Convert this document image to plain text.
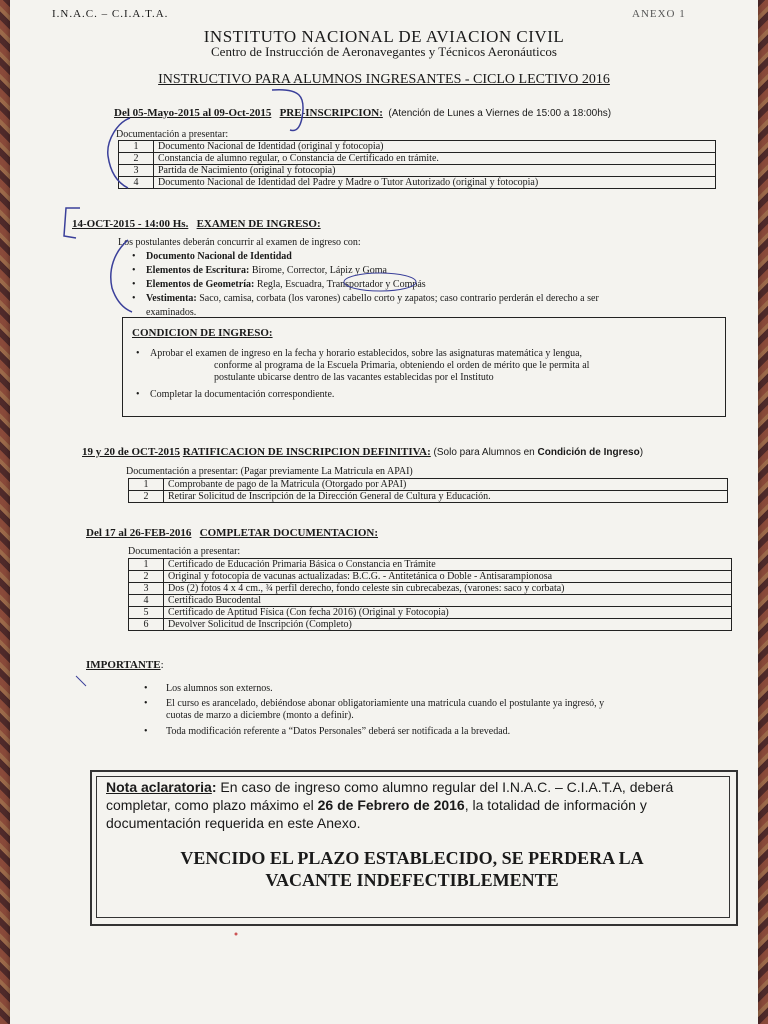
I.N.A.C. – C.I.A.T.A.	ANEXO 1
INSTITUTO NACIONAL DE AVIACION CIVIL
Centro de Instrucción de Aeronavegantes y Técnicos Aeronáuticos
INSTRUCTIVO PARA ALUMNOS INGRESANTES - CICLO LECTIVO 2016
Del 05-Mayo-2015 al 09-Oct-2015 PRE-INSCRIPCION: (Atención de Lunes a Viernes de 15:00 a 18:00hs)
Documentación a presentar:
1	Documento Nacional de Identidad (original y fotocopia)
2	Constancia de alumno regular, o Constancia de Certificado en trámite.
3	Partida de Nacimiento (original y fotocopia)
4	Documento Nacional de Identidad del Padre y Madre o Tutor Autorizado (original y fotocopia)
14-OCT-2015 - 14:00 Hs. EXAMEN DE INGRESO:
Los postulantes deberán concurrir al examen de ingreso con:
• Documento Nacional de Identidad
• Elementos de Escritura: Birome, Corrector, Lápiz y Goma
• Elementos de Geometría: Regla, Escuadra, Transportador y Compás
• Vestimenta: Saco, camisa, corbata (los varones) cabello corto y zapatos; caso contrario perderán el derecho a ser
examinados.
CONDICION DE INGRESO:
• Aprobar el examen de ingreso en la fecha y horario establecidos, sobre las asignaturas matemática y lengua,
conforme al programa de la Escuela Primaria, obteniendo el orden de mérito que le permita al
postulante ubicarse dentro de las vacantes establecidas por el Instituto
• Completar la documentación correspondiente.
19 y 20 de OCT-2015 RATIFICACION DE INSCRIPCION DEFINITIVA: (Solo para Alumnos en Condición de Ingreso)
Documentación a presentar: (Pagar previamente La Matricula en APAI)
1	Comprobante de pago de la Matricula (Otorgado por APAI)
2	Retirar Solicitud de Inscripción de la Dirección General de Cultura y Educación.
Del 17 al 26-FEB-2016 COMPLETAR DOCUMENTACION:
Documentación a presentar:
1	Certificado de Educación Primaria Básica o Constancia en Trámite
2	Original y fotocopia de vacunas actualizadas: B.C.G. - Antitetánica o Doble - Antisarampionosa
3	Dos (2) fotos 4 x 4 cm., ¾ perfil derecho, fondo celeste sin cubrecabezas, (varones: saco y corbata)
4	Certificado Bucodental
5	Certificado de Aptitud Física (Con fecha 2016) (Original y Fotocopia)
6	Devolver Solicitud de Inscripción (Completo)
IMPORTANTE:
• Los alumnos son externos.
• El curso es arancelado, debiéndose abonar obligatoriamiente una matricula cuando el postulante ya ingresó, y
cuotas de marzo a diciembre (monto a definir).
• Toda modificación referente a “Datos Personales” deberá ser notificada a la brevedad.
Nota aclaratoria: En caso de ingreso como alumno regular del I.N.A.C. – C.I.A.T.A, deberá
completar, como plazo máximo el 26 de Febrero de 2016, la totalidad de información y
documentación requerida en este Anexo.
VENCIDO EL PLAZO ESTABLECIDO, SE PERDERA LA
VACANTE INDEFECTIBLEMENTE
